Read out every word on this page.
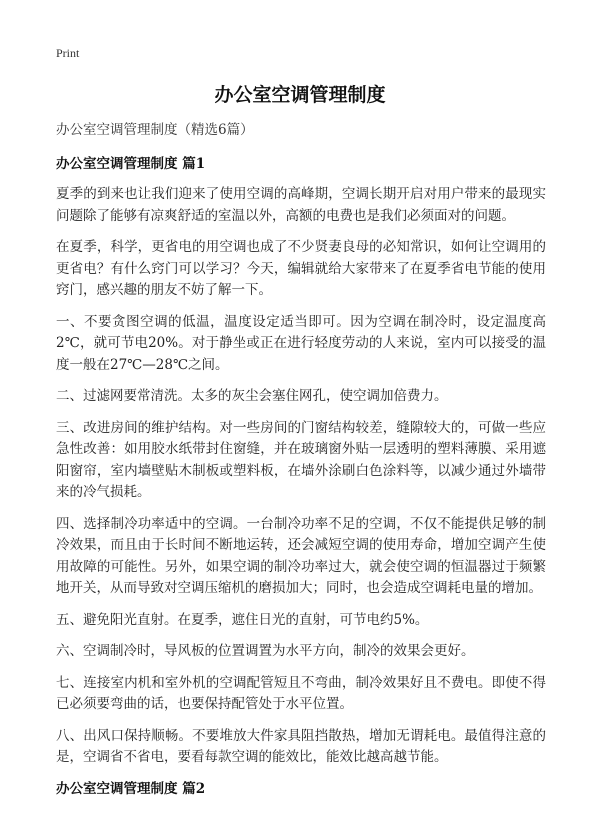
Print
办公室空调管理制度

办公室空调管理制度（精选6篇）

办公室空调管理制度 篇1

夏季的到来也让我们迎来了使用空调的高峰期，空调长期开启对用户带来的最现实问题除了能够有凉爽舒适的室温以外，高额的电费也是我们必须面对的问题。

在夏季，科学，更省电的用空调也成了不少贤妻良母的必知常识，如何让空调用的更省电？有什么窍门可以学习？今天，编辑就给大家带来了在夏季省电节能的使用窍门，感兴趣的朋友不妨了解一下。

一、不要贪图空调的低温，温度设定适当即可。因为空调在制冷时，设定温度高2℃，就可节电20%。对于静坐或正在进行轻度劳动的人来说，室内可以接受的温度一般在27℃—28℃之间。

二、过滤网要常清洗。太多的灰尘会塞住网孔，使空调加倍费力。

三、改进房间的维护结构。对一些房间的门窗结构较差，缝隙较大的，可做一些应急性改善：如用胶水纸带封住窗缝，并在玻璃窗外贴一层透明的塑料薄膜、采用遮阳窗帘，室内墙壁贴木制板或塑料板，在墙外涂刷白色涂料等，以减少通过外墙带来的冷气损耗。

四、选择制冷功率适中的空调。一台制冷功率不足的空调，不仅不能提供足够的制冷效果，而且由于长时间不断地运转，还会减短空调的使用寿命，增加空调产生使用故障的可能性。另外，如果空调的制冷功率过大，就会使空调的恒温器过于频繁地开关，从而导致对空调压缩机的磨损加大；同时，也会造成空调耗电量的增加。

五、避免阳光直射。在夏季，遮住日光的直射，可节电约5%。

六、空调制冷时，导风板的位置调置为水平方向，制冷的效果会更好。

七、连接室内机和室外机的空调配管短且不弯曲，制冷效果好且不费电。即使不得已必须要弯曲的话，也要保持配管处于水平位置。

八、出风口保持顺畅。不要堆放大件家具阻挡散热，增加无谓耗电。最值得注意的是，空调省不省电，要看每款空调的能效比，能效比越高越节能。

办公室空调管理制度 篇2
